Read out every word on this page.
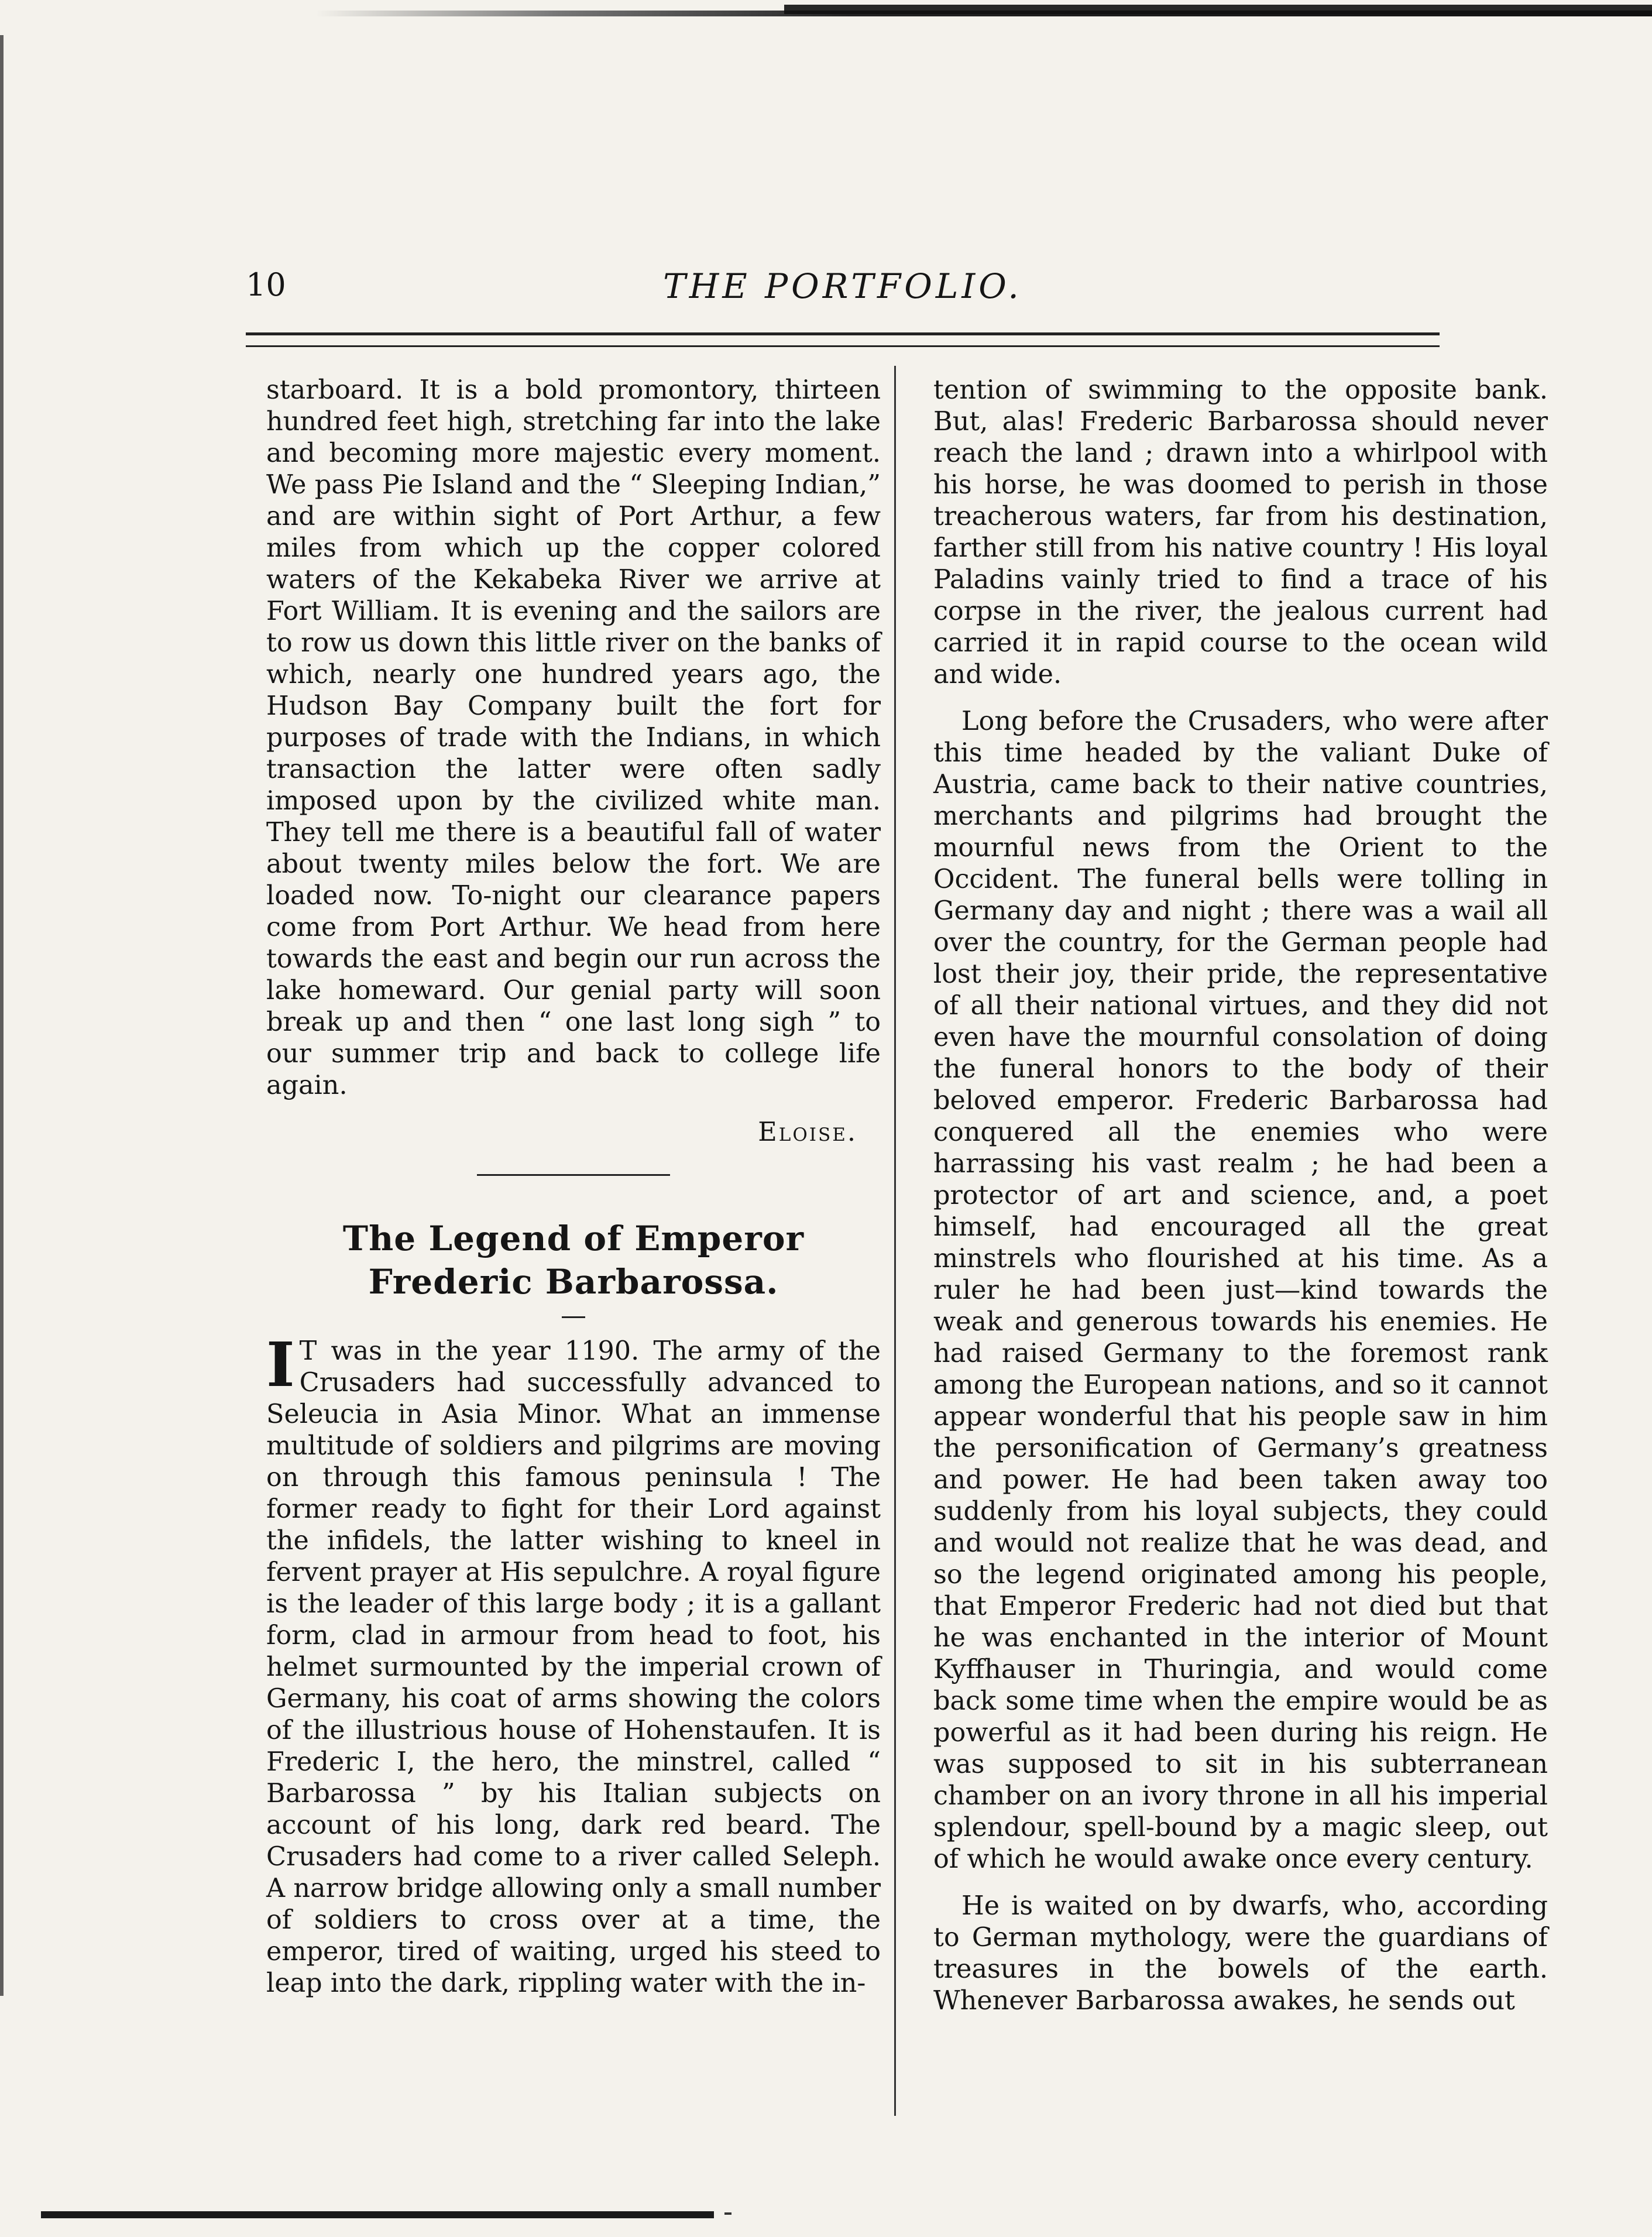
10	THE PORTFOLIO.

starboard. It is a bold promontory, thirteen hundred feet high, stretching far into the lake and becoming more majestic every moment. We pass Pie Island and the “ Sleeping Indian,” and are within sight of Port Arthur, a few miles from which up the copper colored waters of the Kekabeka River we arrive at Fort William. It is evening and the sailors are to row us down this little river on the banks of which, nearly one hundred years ago, the Hudson Bay Company built the fort for purposes of trade with the Indians, in which transaction the latter were often sadly imposed upon by the civilized white man. They tell me there is a beautiful fall of water about twenty miles below the fort. We are loaded now. To-night our clearance papers come from Port Arthur. We head from here towards the east and begin our run across the lake homeward. Our genial party will soon break up and then “ one last long sigh ” to our summer trip and back to college life again.

Eloise.
The Legend of Emperor Frederic Barbarossa.

I T was in the year 1190. The army of the Crusaders had successfully advanced to Seleucia in Asia Minor. What an immense multitude of soldiers and pilgrims are moving on through this famous peninsula ! The former ready to fight for their Lord against the infidels, the latter wishing to kneel in fervent prayer at His sepulchre. A royal figure is the leader of this large body ; it is a gallant form, clad in armour from head to foot, his helmet surmounted by the imperial crown of Germany, his coat of arms showing the colors of the illustrious house of Hohenstaufen. It is Frederic I, the hero, the minstrel, called “ Barbarossa ” by his Italian subjects on account of his long, dark red beard. The Crusaders had come to a river called Seleph. A narrow bridge allowing only a small number of soldiers to cross over at a time, the emperor, tired of waiting, urged his steed to leap into the dark, rippling water with the in-

tention of swimming to the opposite bank. But, alas! Frederic Barbarossa should never reach the land ; drawn into a whirlpool with his horse, he was doomed to perish in those treacherous waters, far from his destination, farther still from his native country ! His loyal Paladins vainly tried to find a trace of his corpse in the river, the jealous current had carried it in rapid course to the ocean wild and wide.

Long before the Crusaders, who were after this time headed by the valiant Duke of Austria, came back to their native countries, merchants and pilgrims had brought the mournful news from the Orient to the Occident. The funeral bells were tolling in Germany day and night ; there was a wail all over the country, for the German people had lost their joy, their pride, the representative of all their national virtues, and they did not even have the mournful consolation of doing the funeral honors to the body of their beloved emperor. Frederic Barbarossa had conquered all the enemies who were harrassing his vast realm ; he had been a protector of art and science, and, a poet himself, had encouraged all the great minstrels who flourished at his time. As a ruler he had been just—kind towards the weak and generous towards his enemies. He had raised Germany to the foremost rank among the European nations, and so it cannot appear wonderful that his people saw in him the personification of Germany’s greatness and power. He had been taken away too suddenly from his loyal subjects, they could and would not realize that he was dead, and so the legend originated among his people, that Emperor Frederic had not died but that he was enchanted in the interior of Mount Kyffhauser in Thuringia, and would come back some time when the empire would be as powerful as it had been during his reign. He was supposed to sit in his subterranean chamber on an ivory throne in all his imperial splendour, spell-bound by a magic sleep, out of which he would awake once every century.

He is waited on by dwarfs, who, according to German mythology, were the guardians of treasures in the bowels of the earth. Whenever Barbarossa awakes, he sends out
